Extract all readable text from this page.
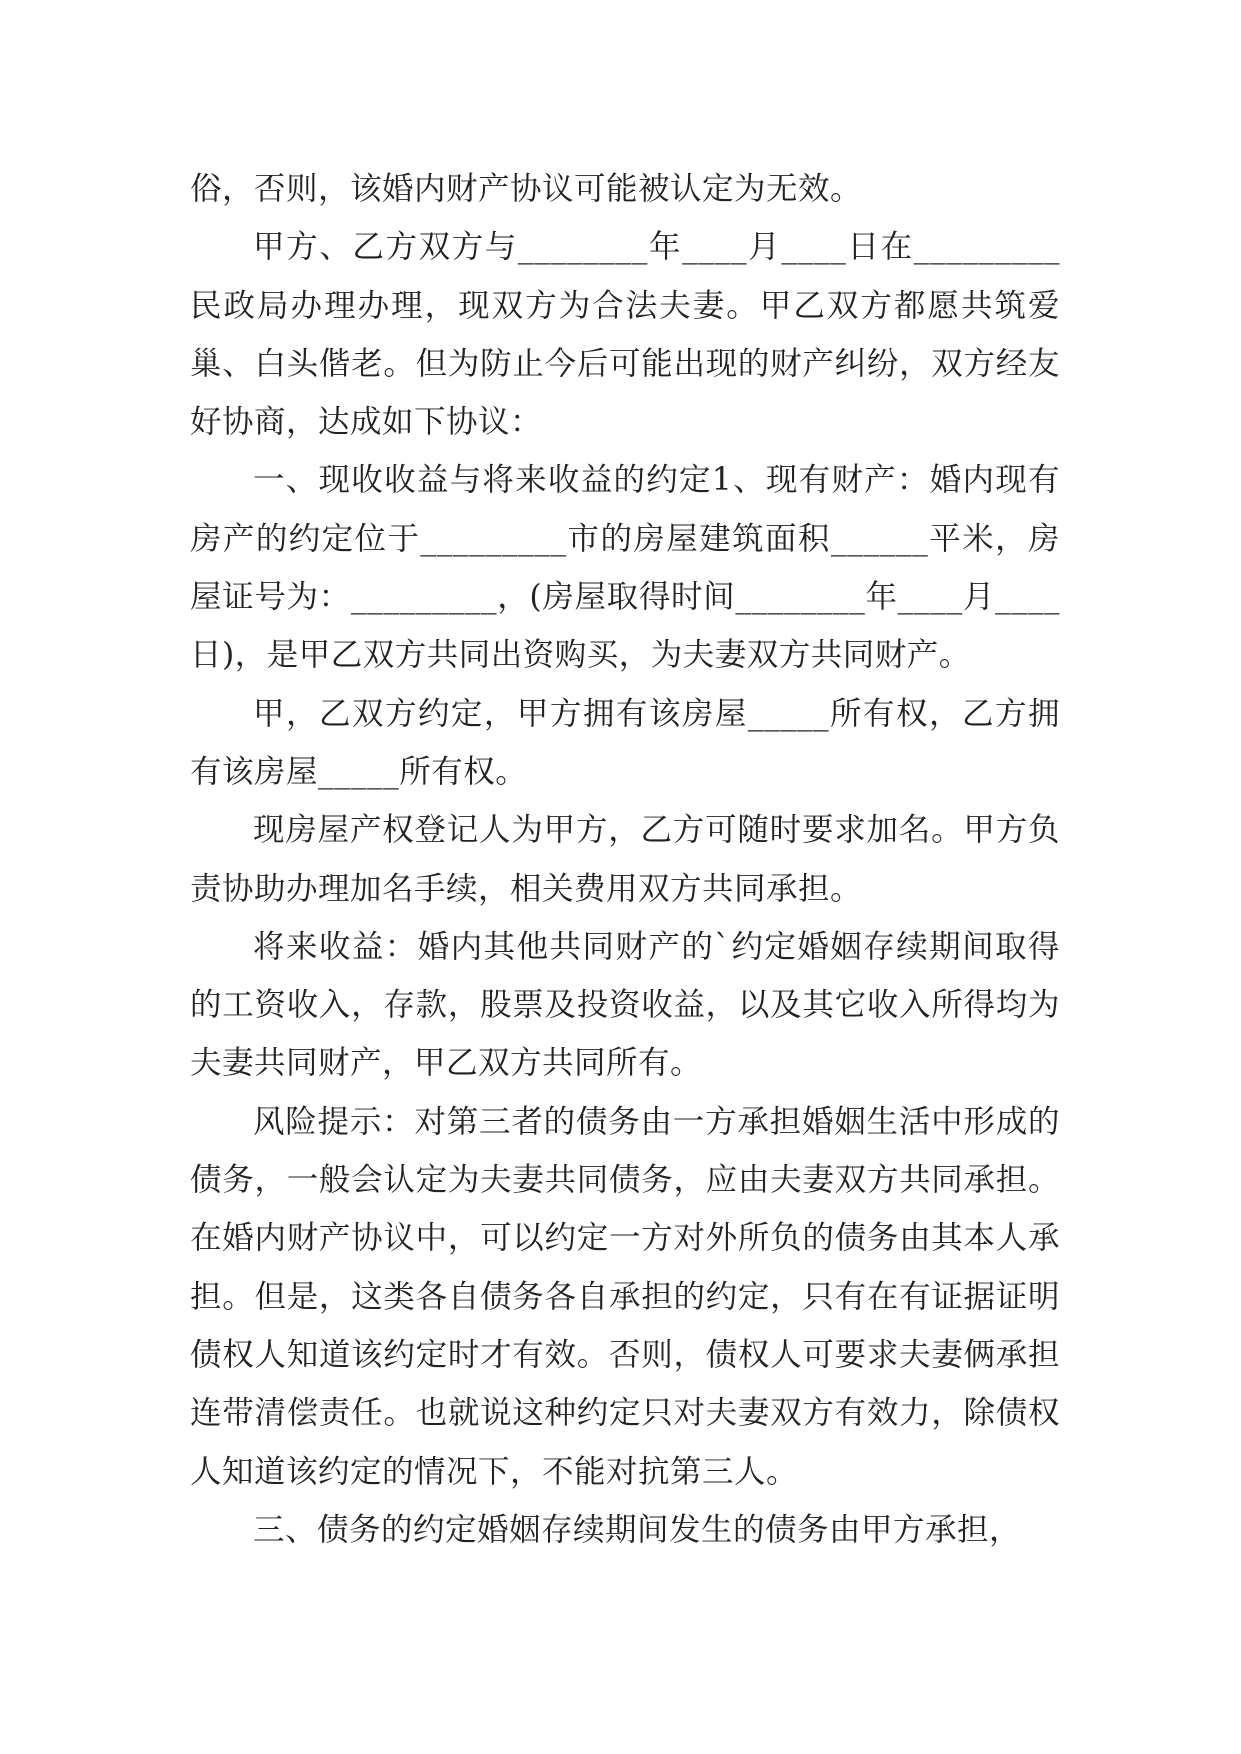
俗，否则，该婚内财产协议可能被认定为无效。

甲方、乙方双方与________年____月____日在_________民政局办理办理，现双方为合法夫妻。甲乙双方都愿共筑爱巢、白头偕老。但为防止今后可能出现的财产纠纷，双方经友好协商，达成如下协议：

一、现收收益与将来收益的约定1、现有财产：婚内现有房产的约定位于_________市的房屋建筑面积______平米，房屋证号为：_________，(房屋取得时间________年____月____日)，是甲乙双方共同出资购买，为夫妻双方共同财产。

甲，乙双方约定，甲方拥有该房屋_____所有权，乙方拥有该房屋_____所有权。

现房屋产权登记人为甲方，乙方可随时要求加名。甲方负责协助办理加名手续，相关费用双方共同承担。

将来收益：婚内其他共同财产的`约定婚姻存续期间取得的工资收入，存款，股票及投资收益，以及其它收入所得均为夫妻共同财产，甲乙双方共同所有。

风险提示：对第三者的债务由一方承担婚姻生活中形成的债务，一般会认定为夫妻共同债务，应由夫妻双方共同承担。在婚内财产协议中，可以约定一方对外所负的债务由其本人承担。但是，这类各自债务各自承担的约定，只有在有证据证明债权人知道该约定时才有效。否则，债权人可要求夫妻俩承担连带清偿责任。也就说这种约定只对夫妻双方有效力，除债权人知道该约定的情况下，不能对抗第三人。

三、债务的约定婚姻存续期间发生的债务由甲方承担，
